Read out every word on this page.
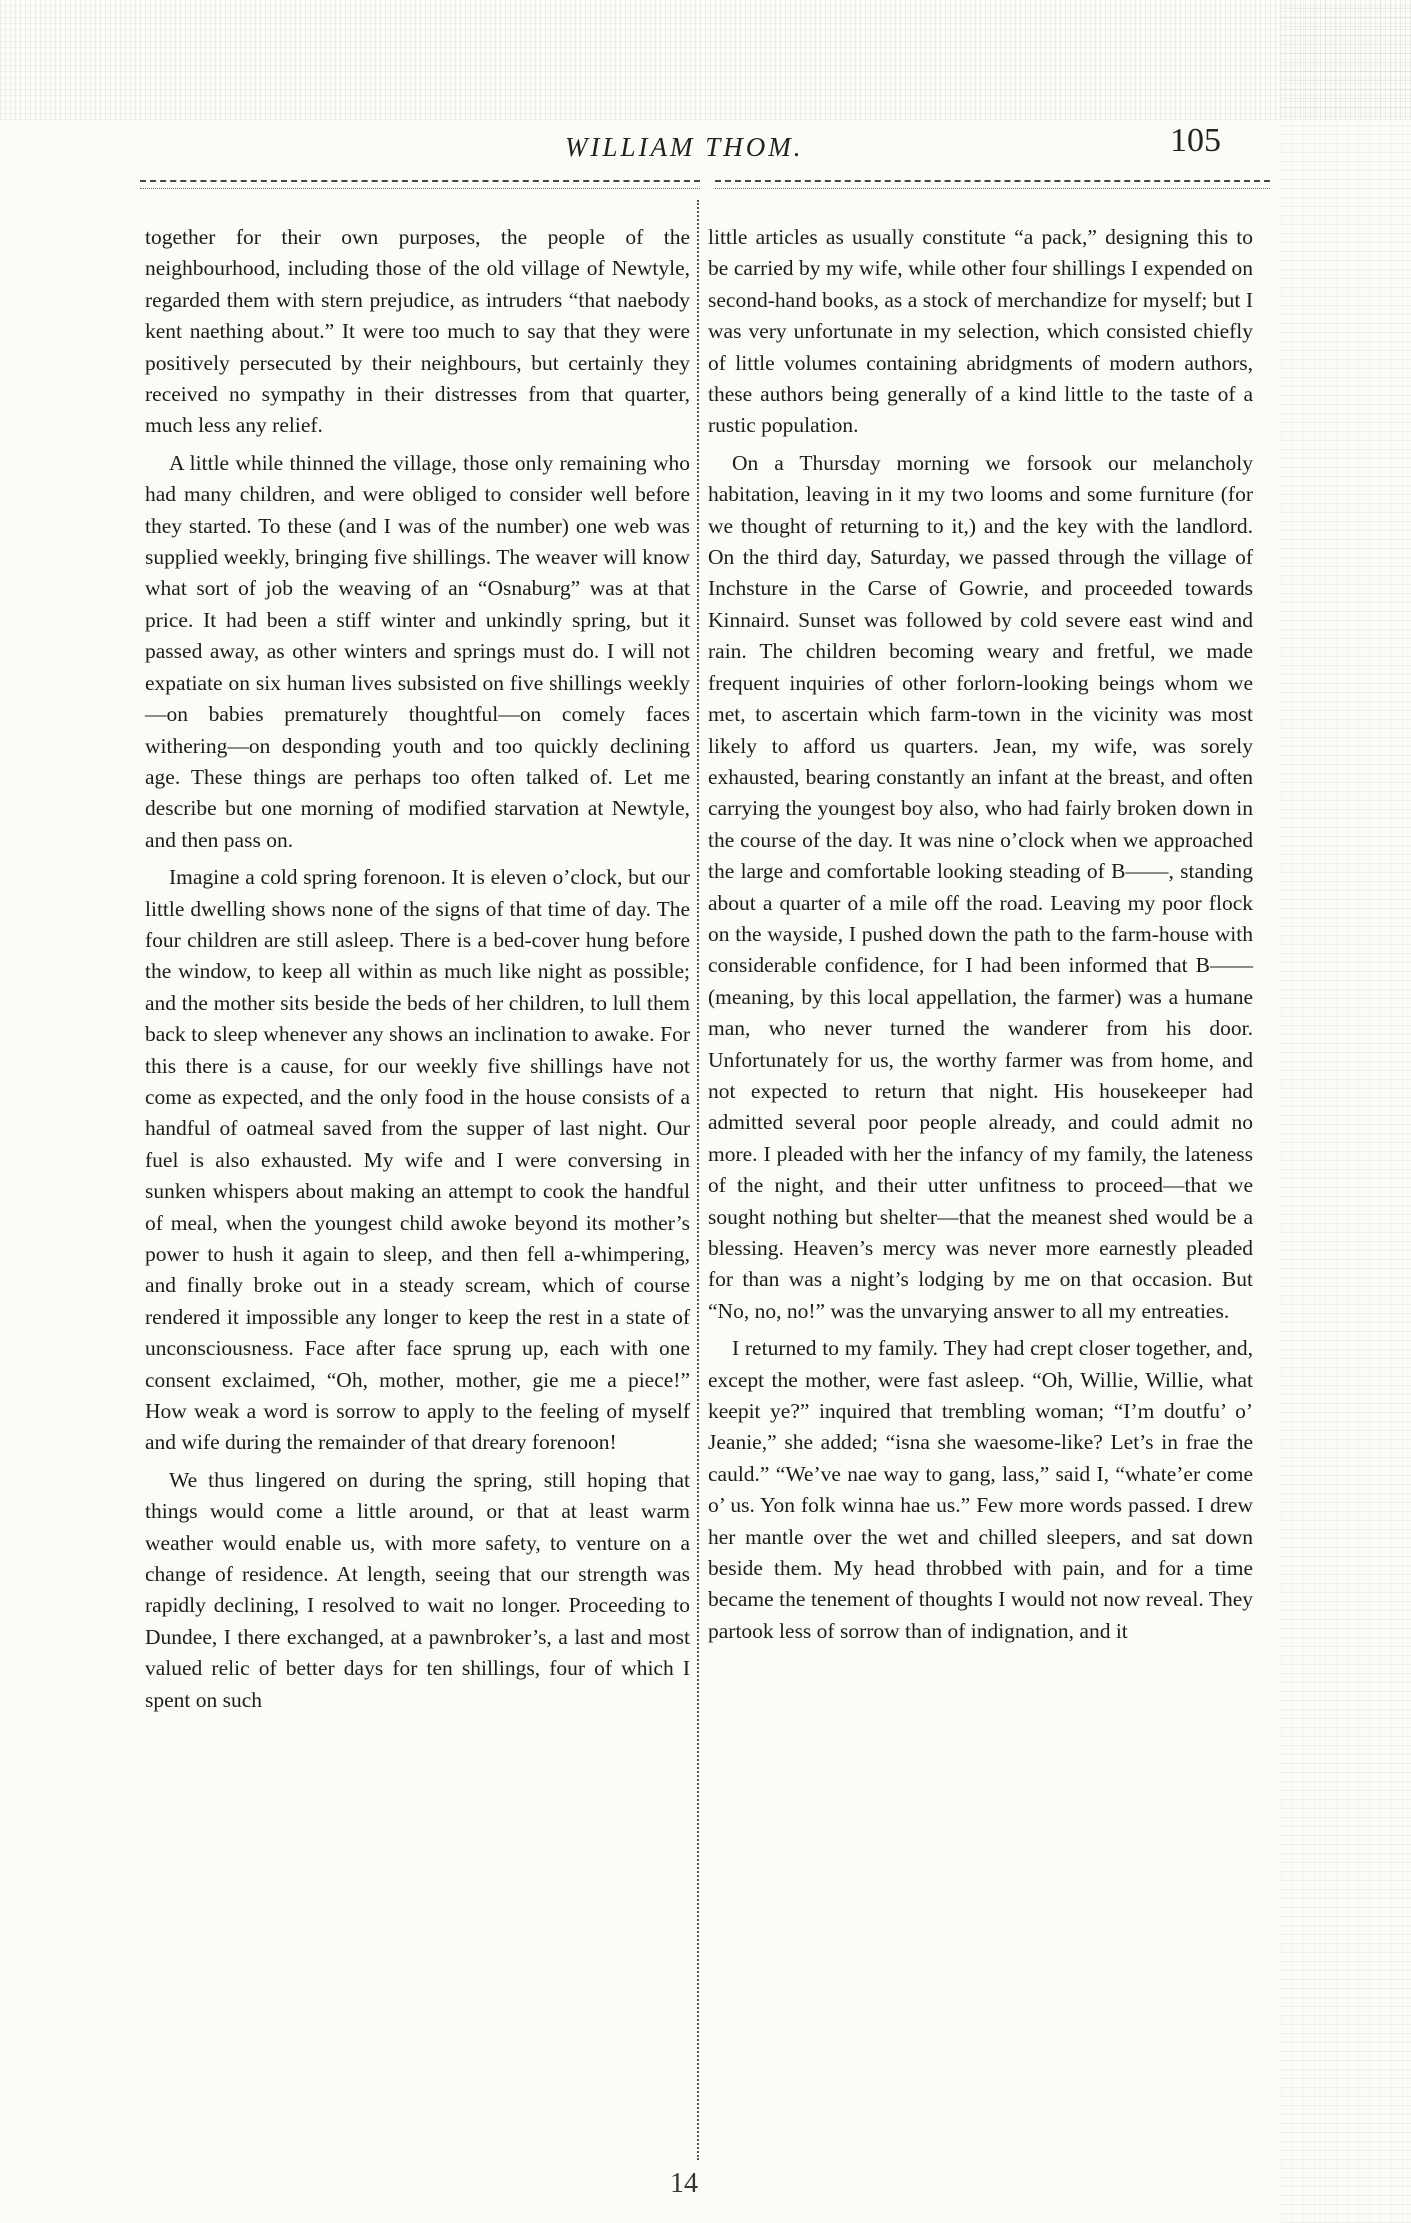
WILLIAM THOM.	105

together for their own purposes, the people of the neighbourhood, including those of the old village of Newtyle, regarded them with stern prejudice, as intruders “that naebody kent naething about.” It were too much to say that they were positively persecuted by their neighbours, but certainly they received no sympathy in their distresses from that quarter, much less any relief.

A little while thinned the village, those only remaining who had many children, and were obliged to consider well before they started. To these (and I was of the number) one web was supplied weekly, bringing five shillings. The weaver will know what sort of job the weaving of an “Osnaburg” was at that price. It had been a stiff winter and unkindly spring, but it passed away, as other winters and springs must do. I will not expatiate on six human lives subsisted on five shillings weekly—on babies prematurely thoughtful—on comely faces withering—on desponding youth and too quickly declining age. These things are perhaps too often talked of. Let me describe but one morning of modified starvation at Newtyle, and then pass on.

Imagine a cold spring forenoon. It is eleven o’clock, but our little dwelling shows none of the signs of that time of day. The four children are still asleep. There is a bed-cover hung before the window, to keep all within as much like night as possible; and the mother sits beside the beds of her children, to lull them back to sleep whenever any shows an inclination to awake. For this there is a cause, for our weekly five shillings have not come as expected, and the only food in the house consists of a handful of oatmeal saved from the supper of last night. Our fuel is also exhausted. My wife and I were conversing in sunken whispers about making an attempt to cook the handful of meal, when the youngest child awoke beyond its mother’s power to hush it again to sleep, and then fell a-whimpering, and finally broke out in a steady scream, which of course rendered it impossible any longer to keep the rest in a state of unconsciousness. Face after face sprung up, each with one consent exclaimed, “Oh, mother, mother, gie me a piece!” How weak a word is sorrow to apply to the feeling of myself and wife during the remainder of that dreary forenoon!

We thus lingered on during the spring, still hoping that things would come a little around, or that at least warm weather would enable us, with more safety, to venture on a change of residence. At length, seeing that our strength was rapidly declining, I resolved to wait no longer. Proceeding to Dundee, I there exchanged, at a pawnbroker’s, a last and most valued relic of better days for ten shillings, four of which I spent on such

little articles as usually constitute “a pack,” designing this to be carried by my wife, while other four shillings I expended on second-hand books, as a stock of merchandize for myself; but I was very unfortunate in my selection, which consisted chiefly of little volumes containing abridgments of modern authors, these authors being generally of a kind little to the taste of a rustic population.

On a Thursday morning we forsook our melancholy habitation, leaving in it my two looms and some furniture (for we thought of returning to it,) and the key with the landlord. On the third day, Saturday, we passed through the village of Inchsture in the Carse of Gowrie, and proceeded towards Kinnaird. Sunset was followed by cold severe east wind and rain. The children becoming weary and fretful, we made frequent inquiries of other forlorn-looking beings whom we met, to ascertain which farm-town in the vicinity was most likely to afford us quarters. Jean, my wife, was sorely exhausted, bearing constantly an infant at the breast, and often carrying the youngest boy also, who had fairly broken down in the course of the day. It was nine o’clock when we approached the large and comfortable looking steading of B——, standing about a quarter of a mile off the road. Leaving my poor flock on the wayside, I pushed down the path to the farm-house with considerable confidence, for I had been informed that B—— (meaning, by this local appellation, the farmer) was a humane man, who never turned the wanderer from his door. Unfortunately for us, the worthy farmer was from home, and not expected to return that night. His housekeeper had admitted several poor people already, and could admit no more. I pleaded with her the infancy of my family, the lateness of the night, and their utter unfitness to proceed—that we sought nothing but shelter—that the meanest shed would be a blessing. Heaven’s mercy was never more earnestly pleaded for than was a night’s lodging by me on that occasion. But “No, no, no!” was the unvarying answer to all my entreaties.

I returned to my family. They had crept closer together, and, except the mother, were fast asleep. “Oh, Willie, Willie, what keepit ye?” inquired that trembling woman; “I’m doutfu’ o’ Jeanie,” she added; “isna she waesome-like? Let’s in frae the cauld.” “We’ve nae way to gang, lass,” said I, “whate’er come o’ us. Yon folk winna hae us.” Few more words passed. I drew her mantle over the wet and chilled sleepers, and sat down beside them. My head throbbed with pain, and for a time became the tenement of thoughts I would not now reveal. They partook less of sorrow than of indignation, and it

14
